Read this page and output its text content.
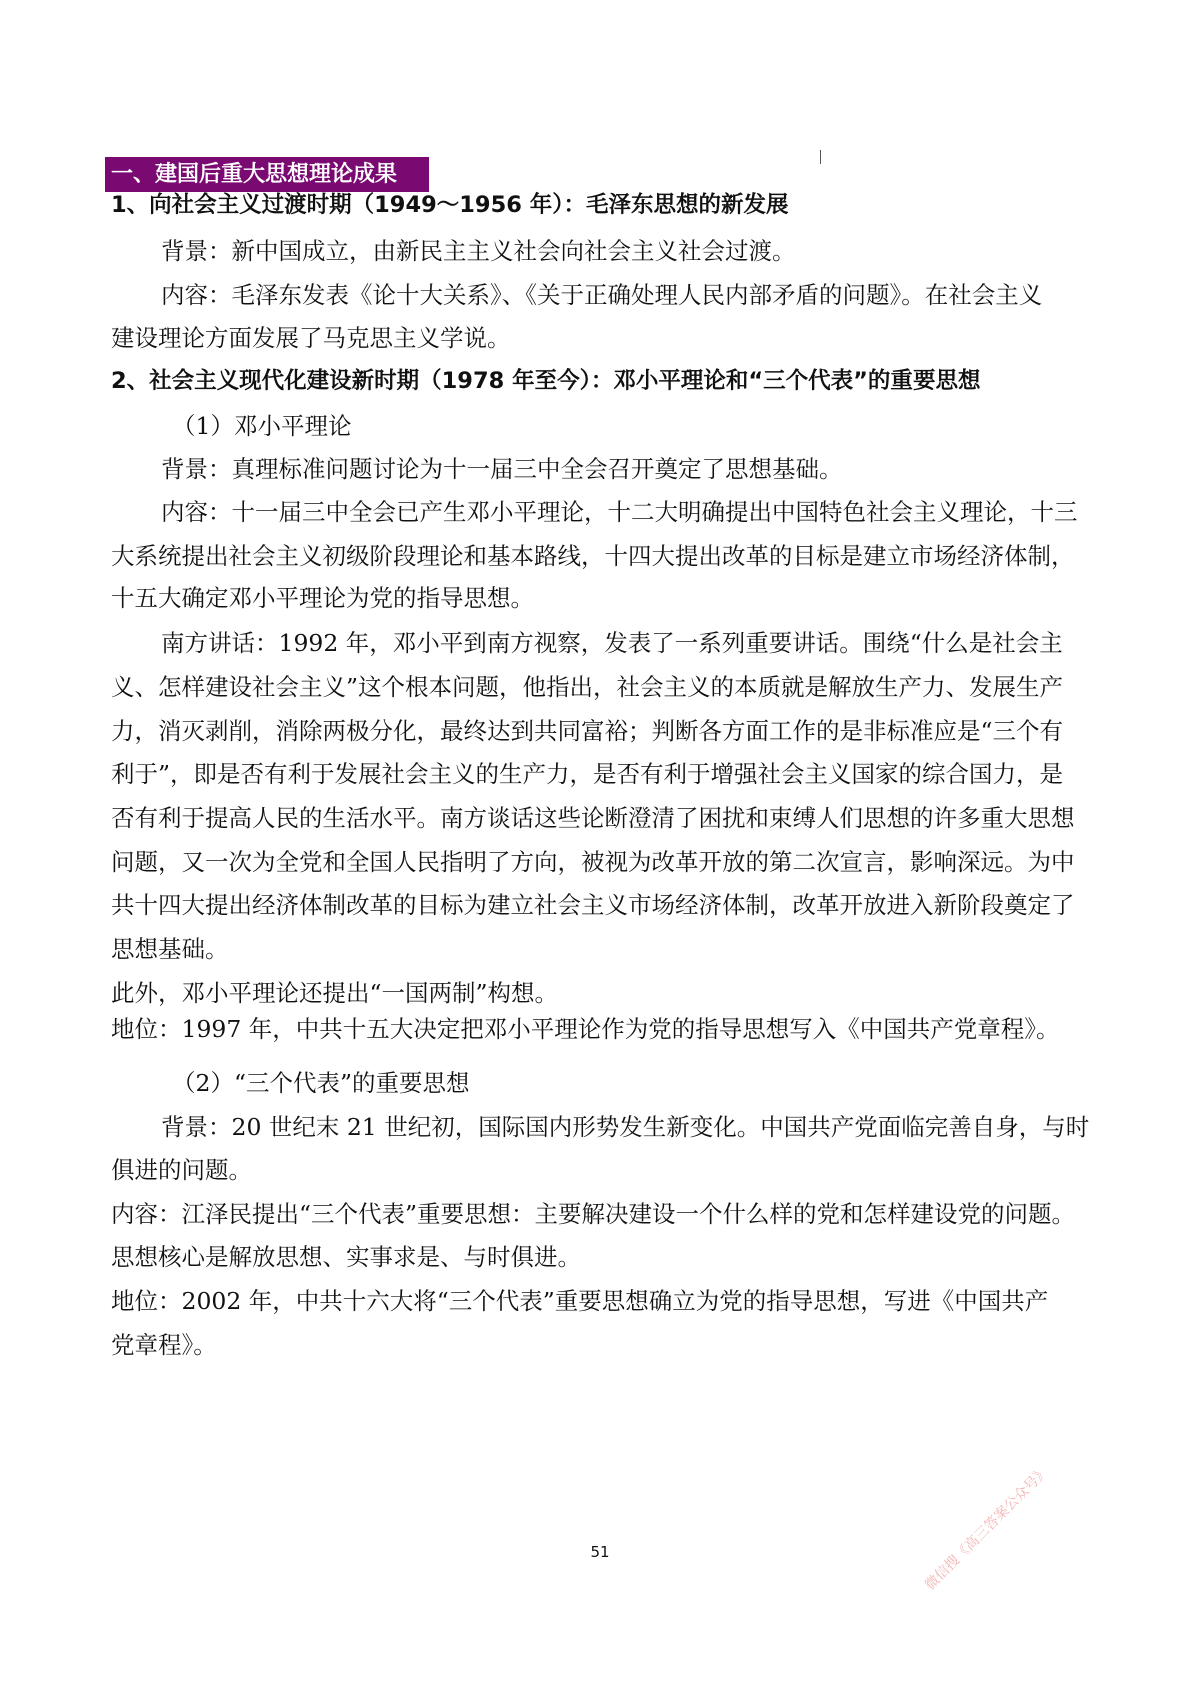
一、建国后重大思想理论成果
1、向社会主义过渡时期（1949～1956 年）：毛泽东思想的新发展
背景：新中国成立，由新民主主义社会向社会主义社会过渡。
内容：毛泽东发表《论十大关系》、《关于正确处理人民内部矛盾的问题》。在社会主义
建设理论方面发展了马克思主义学说。
2、社会主义现代化建设新时期（1978 年至今）：邓小平理论和“三个代表”的重要思想
（1）邓小平理论
背景：真理标准问题讨论为十一届三中全会召开奠定了思想基础。
内容：十一届三中全会已产生邓小平理论，十二大明确提出中国特色社会主义理论，十三
大系统提出社会主义初级阶段理论和基本路线，十四大提出改革的目标是建立市场经济体制，
十五大确定邓小平理论为党的指导思想。
南方讲话：1992 年，邓小平到南方视察，发表了一系列重要讲话。围绕“什么是社会主
义、怎样建设社会主义”这个根本问题，他指出，社会主义的本质就是解放生产力、发展生产
力，消灭剥削，消除两极分化，最终达到共同富裕；判断各方面工作的是非标准应是“三个有
利于”，即是否有利于发展社会主义的生产力，是否有利于增强社会主义国家的综合国力，是
否有利于提高人民的生活水平。南方谈话这些论断澄清了困扰和束缚人们思想的许多重大思想
问题，又一次为全党和全国人民指明了方向，被视为改革开放的第二次宣言，影响深远。为中
共十四大提出经济体制改革的目标为建立社会主义市场经济体制，改革开放进入新阶段奠定了
思想基础。
此外，邓小平理论还提出“一国两制”构想。
地位：1997 年，中共十五大决定把邓小平理论作为党的指导思想写入《中国共产党章程》。
（2）“三个代表”的重要思想
背景：20 世纪末 21 世纪初，国际国内形势发生新变化。中国共产党面临完善自身，与时
俱进的问题。
内容：江泽民提出“三个代表”重要思想：主要解决建设一个什么样的党和怎样建设党的问题。
思想核心是解放思想、实事求是、与时俱进。
地位：2002 年，中共十六大将“三个代表”重要思想确立为党的指导思想，写进《中国共产
党章程》。
51	微信搜《高三答案公众号》
